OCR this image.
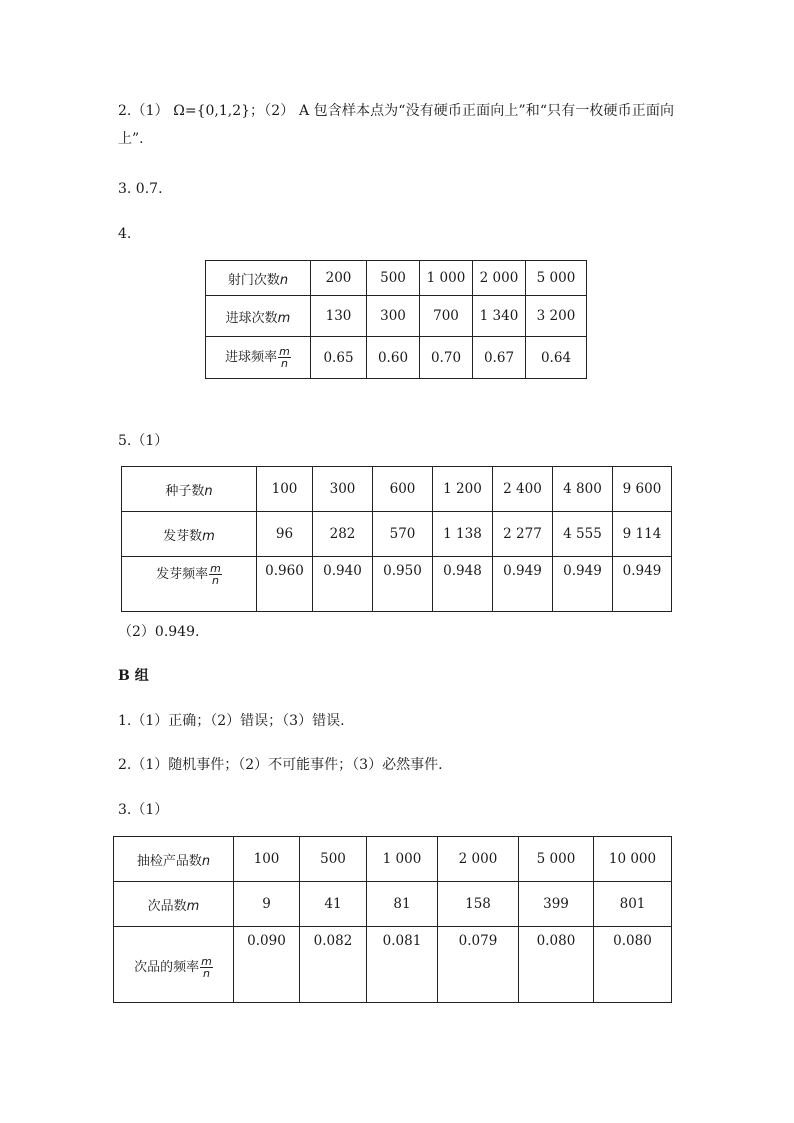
2.（1） Ω={0,1,2}；（2） A 包含样本点为“没有硬币正面向上”和“只有一枚硬币正面向上”.
3. 0.7.
4.
射门次数n	200	500	1 000	2 000	5 000
进球次数m	130	300	700	1 340	3 200
进球频率 $\frac{m}{n}$	0.65	0.60	0.70	0.67	0.64
5.（1）
种子数n	100	300	600	1 200	2 400	4 800	9 600
发芽数m	96	282	570	1 138	2 277	4 555	9 114
发芽频率 $\frac{m}{n}$	0.960	0.940	0.950	0.948	0.949	0.949	0.949
（2）0.949.
B 组
1.（1）正确；（2）错误；（3）错误.
2.（1）随机事件；（2）不可能事件；（3）必然事件.
3.（1）
抽检产品数n	100	500	1 000	2 000	5 000	10 000
次品数m	9	41	81	158	399	801
次品的频率 $\frac{m}{n}$	0.090	0.082	0.081	0.079	0.080	0.080
